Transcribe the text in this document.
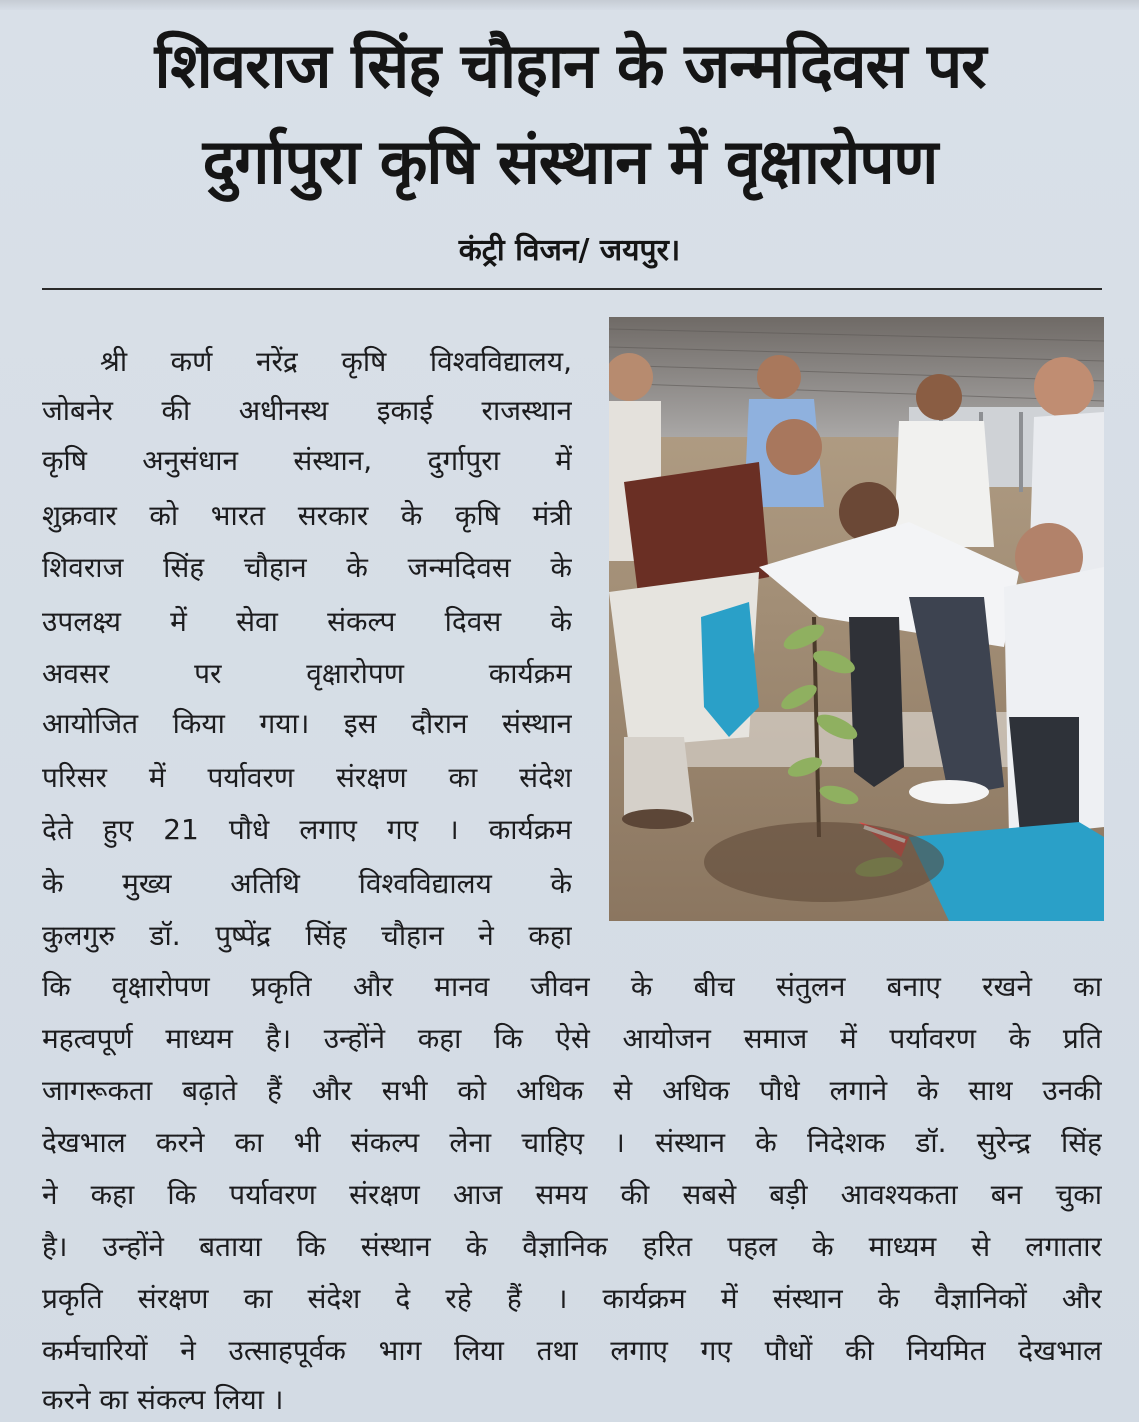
शिवराज सिंह चौहान के जन्मदिवस पर
दुर्गापुरा कृषि संस्थान में वृक्षारोपण
कंट्री विजन/ जयपुर।
श्री कर्ण नरेंद्र कृषि विश्वविद्यालय,
जोबनेर की अधीनस्थ इकाई राजस्थान
कृषि अनुसंधान संस्थान, दुर्गापुरा में
शुक्रवार को भारत सरकार के कृषि मंत्री
शिवराज सिंह चौहान के जन्मदिवस के
उपलक्ष्य में सेवा संकल्प दिवस के
अवसर पर वृक्षारोपण कार्यक्रम
आयोजित किया गया। इस दौरान संस्थान
परिसर में पर्यावरण संरक्षण का संदेश
देते हुए 21 पौधे लगाए गए । कार्यक्रम
के मुख्य अतिथि विश्वविद्यालय के
कुलगुरु डॉ. पुष्पेंद्र सिंह चौहान ने कहा
कि वृक्षारोपण प्रकृति और मानव जीवन के बीच संतुलन बनाए रखने का
महत्वपूर्ण माध्यम है। उन्होंने कहा कि ऐसे आयोजन समाज में पर्यावरण के प्रति
जागरूकता बढ़ाते हैं और सभी को अधिक से अधिक पौधे लगाने के साथ उनकी
देखभाल करने का भी संकल्प लेना चाहिए । संस्थान के निदेशक डॉ. सुरेन्द्र सिंह
ने कहा कि पर्यावरण संरक्षण आज समय की सबसे बड़ी आवश्यकता बन चुका
है। उन्होंने बताया कि संस्थान के वैज्ञानिक हरित पहल के माध्यम से लगातार
प्रकृति संरक्षण का संदेश दे रहे हैं । कार्यक्रम में संस्थान के वैज्ञानिकों और
कर्मचारियों ने उत्साहपूर्वक भाग लिया तथा लगाए गए पौधों की नियमित देखभाल
करने का संकल्प लिया ।
